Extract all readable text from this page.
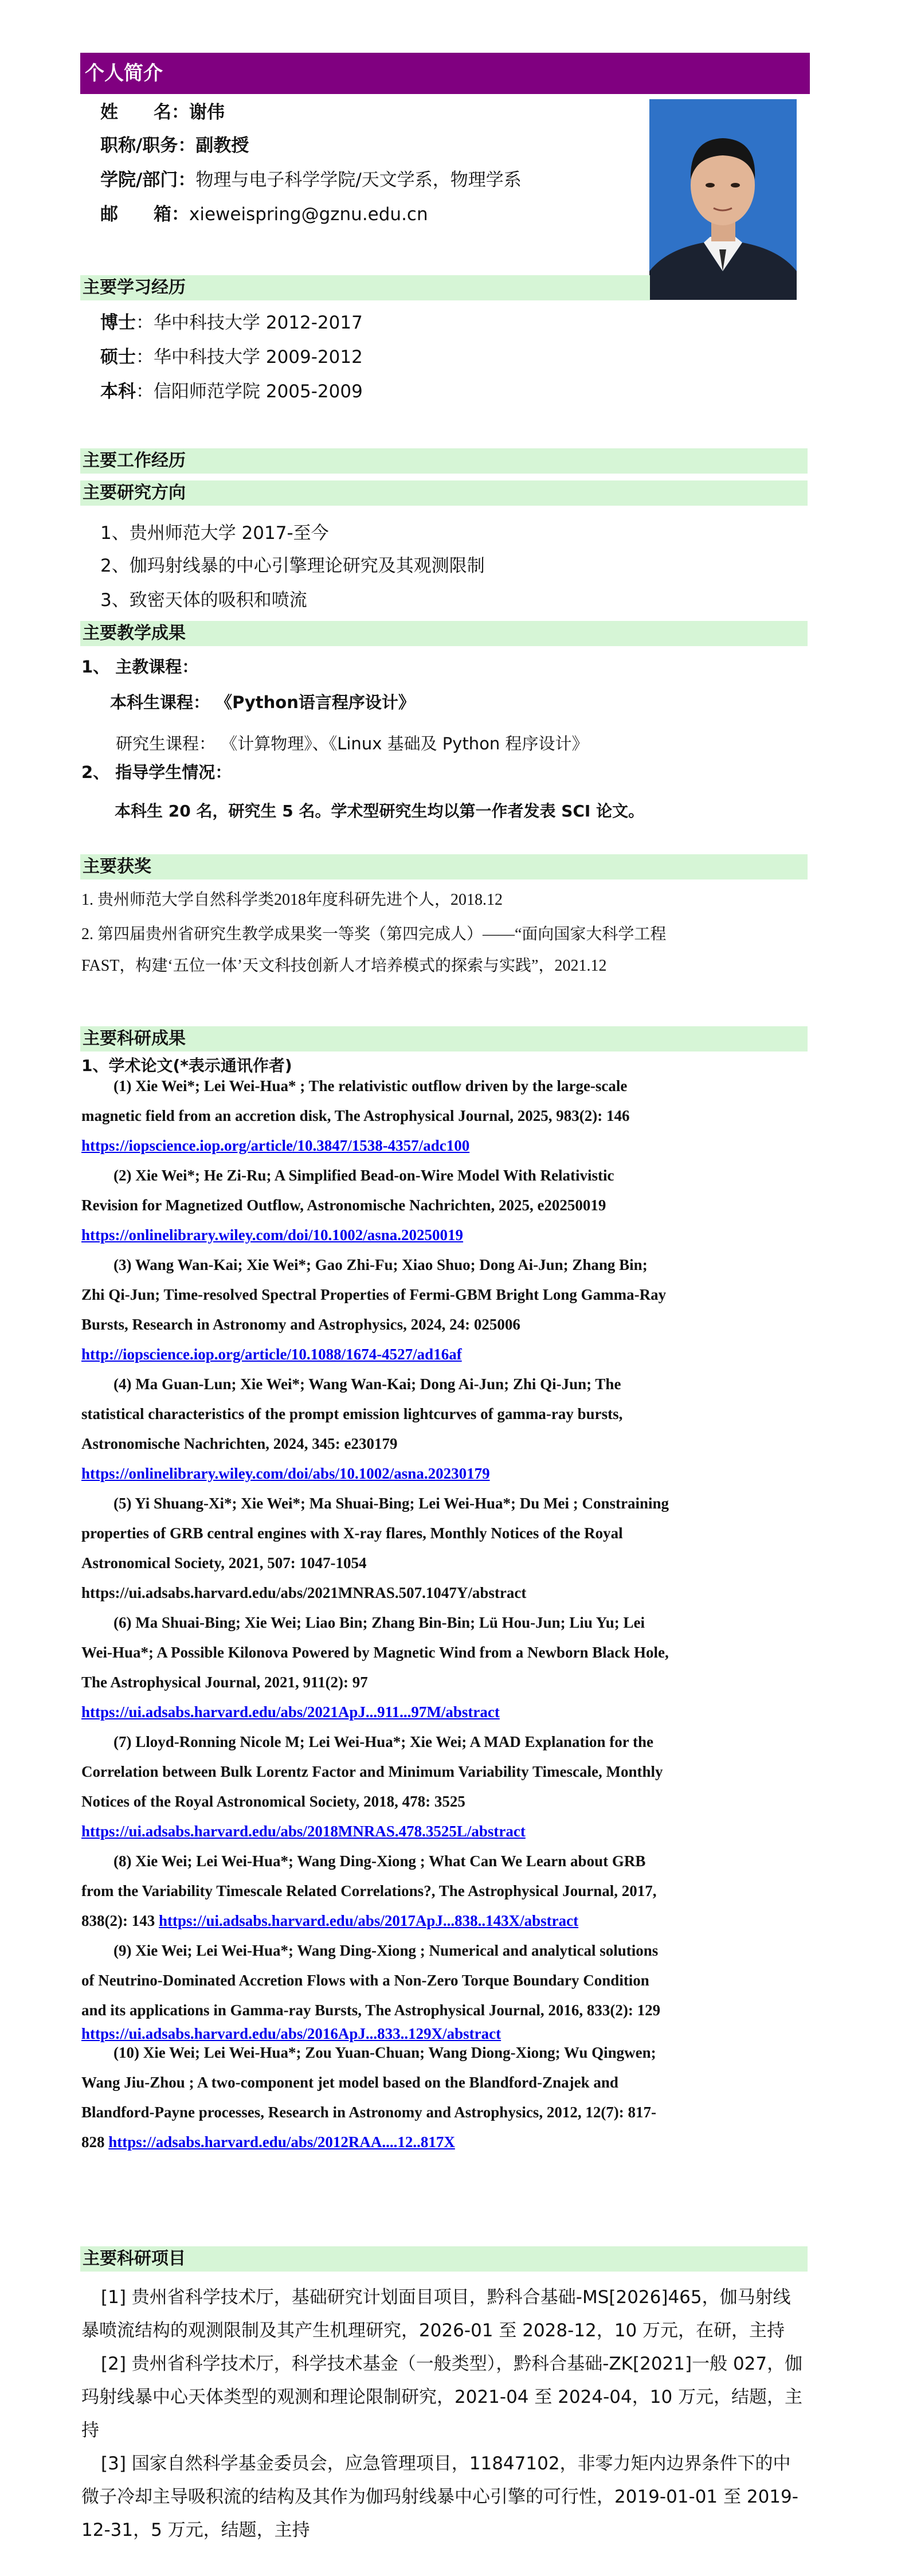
个人简介
姓　　名：谢伟
职称/职务：副教授
学院/部门：物理与电子科学学院/天文学系，物理学系
邮　　箱：xieweispring@gznu.edu.cn
主要学习经历
博士：华中科技大学 2012-2017
硕士：华中科技大学 2009-2012
本科：信阳师范学院 2005-2009
主要工作经历
主要研究方向
1、贵州师范大学 2017-至今
2、伽玛射线暴的中心引擎理论研究及其观测限制
3、致密天体的吸积和喷流
主要教学成果
1、 主教课程：
本科生课程： 《Python语言程序设计》
研究生课程： 《计算物理》、《Linux 基础及 Python 程序设计》
2、 指导学生情况：
本科生 20 名，研究生 5 名。学术型研究生均以第一作者发表 SCI 论文。
主要获奖
1. 贵州师范大学自然科学类2018年度科研先进个人，2018.12
2. 第四届贵州省研究生教学成果奖一等奖（第四完成人）——“面向国家大科学工程
FAST，构建‘五位一体’天文科技创新人才培养模式的探索与实践”，2021.12
主要科研成果
1、学术论文(*表示通讯作者)
(1) Xie Wei*; Lei Wei-Hua* ; The relativistic outflow driven by the large-scale
magnetic field from an accretion disk, The Astrophysical Journal, 2025, 983(2): 146
https://iopscience.iop.org/article/10.3847/1538-4357/adc100
(2) Xie Wei*; He Zi-Ru; A Simplified Bead-on-Wire Model With Relativistic
Revision for Magnetized Outflow, Astronomische Nachrichten, 2025, e20250019
https://onlinelibrary.wiley.com/doi/10.1002/asna.20250019
(3) Wang Wan-Kai; Xie Wei*; Gao Zhi-Fu; Xiao Shuo; Dong Ai-Jun; Zhang Bin;
Zhi Qi-Jun; Time-resolved Spectral Properties of Fermi-GBM Bright Long Gamma-Ray
Bursts, Research in Astronomy and Astrophysics, 2024, 24: 025006
http://iopscience.iop.org/article/10.1088/1674-4527/ad16af
(4) Ma Guan-Lun; Xie Wei*; Wang Wan-Kai; Dong Ai-Jun; Zhi Qi-Jun; The
statistical characteristics of the prompt emission lightcurves of gamma-ray bursts,
Astronomische Nachrichten, 2024, 345: e230179
https://onlinelibrary.wiley.com/doi/abs/10.1002/asna.20230179
(5) Yi Shuang-Xi*; Xie Wei*; Ma Shuai-Bing; Lei Wei-Hua*; Du Mei ; Constraining
properties of GRB central engines with X-ray flares, Monthly Notices of the Royal
Astronomical Society, 2021, 507: 1047-1054
https://ui.adsabs.harvard.edu/abs/2021MNRAS.507.1047Y/abstract
(6) Ma Shuai-Bing; Xie Wei; Liao Bin; Zhang Bin-Bin; Lü Hou-Jun; Liu Yu; Lei
Wei-Hua*; A Possible Kilonova Powered by Magnetic Wind from a Newborn Black Hole,
The Astrophysical Journal, 2021, 911(2): 97
https://ui.adsabs.harvard.edu/abs/2021ApJ...911...97M/abstract
(7) Lloyd-Ronning Nicole M; Lei Wei-Hua*; Xie Wei; A MAD Explanation for the
Correlation between Bulk Lorentz Factor and Minimum Variability Timescale, Monthly
Notices of the Royal Astronomical Society, 2018, 478: 3525
https://ui.adsabs.harvard.edu/abs/2018MNRAS.478.3525L/abstract
(8) Xie Wei; Lei Wei-Hua*; Wang Ding-Xiong ; What Can We Learn about GRB
from the Variability Timescale Related Correlations?, The Astrophysical Journal, 2017,
838(2): 143 https://ui.adsabs.harvard.edu/abs/2017ApJ...838..143X/abstract
(9) Xie Wei; Lei Wei-Hua*; Wang Ding-Xiong ; Numerical and analytical solutions
of Neutrino-Dominated Accretion Flows with a Non-Zero Torque Boundary Condition
and its applications in Gamma-ray Bursts, The Astrophysical Journal, 2016, 833(2): 129
https://ui.adsabs.harvard.edu/abs/2016ApJ...833..129X/abstract
(10) Xie Wei; Lei Wei-Hua*; Zou Yuan-Chuan; Wang Diong-Xiong; Wu Qingwen;
Wang Jiu-Zhou ; A two-component jet model based on the Blandford-Znajek and
Blandford-Payne processes, Research in Astronomy and Astrophysics, 2012, 12(7): 817-
828 https://adsabs.harvard.edu/abs/2012RAA....12..817X
主要科研项目

[1] 贵州省科学技术厅，基础研究计划面目项目，黔科合基础-MS[2026]465，伽马射线暴喷流结构的观测限制及其产生机理研究，2026-01 至 2028-12，10 万元，在研，主持

[2] 贵州省科学技术厅，科学技术基金（一般类型），黔科合基础-ZK[2021]一般 027，伽玛射线暴中心天体类型的观测和理论限制研究，2021-04 至 2024-04，10 万元，结题，主持

[3] 国家自然科学基金委员会，应急管理项目，11847102，非零力矩内边界条件下的中微子冷却主导吸积流的结构及其作为伽玛射线暴中心引擎的可行性，2019-01-01 至 2019-12-31，5 万元，结题，主持
